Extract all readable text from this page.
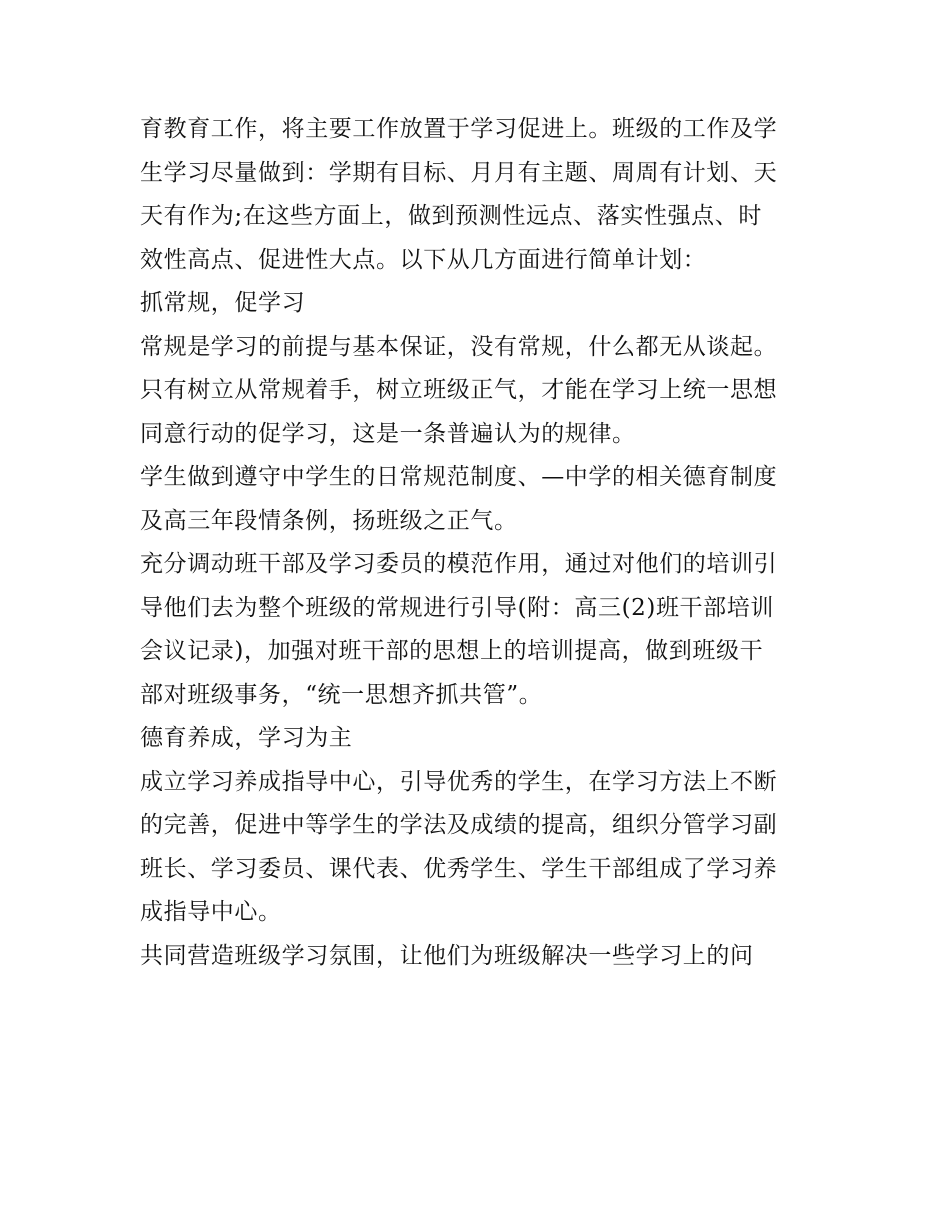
育教育工作，将主要工作放置于学习促进上。班级的工作及学
生学习尽量做到：学期有目标、月月有主题、周周有计划、天
天有作为;在这些方面上，做到预测性远点、落实性强点、时
效性高点、促进性大点。以下从几方面进行简单计划：
抓常规，促学习
常规是学习的前提与基本保证，没有常规，什么都无从谈起。
只有树立从常规着手，树立班级正气，才能在学习上统一思想
同意行动的促学习，这是一条普遍认为的规律。
学生做到遵守中学生的日常规范制度、—中学的相关德育制度
及高三年段情条例，扬班级之正气。
充分调动班干部及学习委员的模范作用，通过对他们的培训引
导他们去为整个班级的常规进行引导(附：高三(2)班干部培训
会议记录)，加强对班干部的思想上的培训提高，做到班级干
部对班级事务，“统一思想齐抓共管”。
德育养成，学习为主
成立学习养成指导中心，引导优秀的学生，在学习方法上不断
的完善，促进中等学生的学法及成绩的提高，组织分管学习副
班长、学习委员、课代表、优秀学生、学生干部组成了学习养
成指导中心。
共同营造班级学习氛围，让他们为班级解决一些学习上的问
